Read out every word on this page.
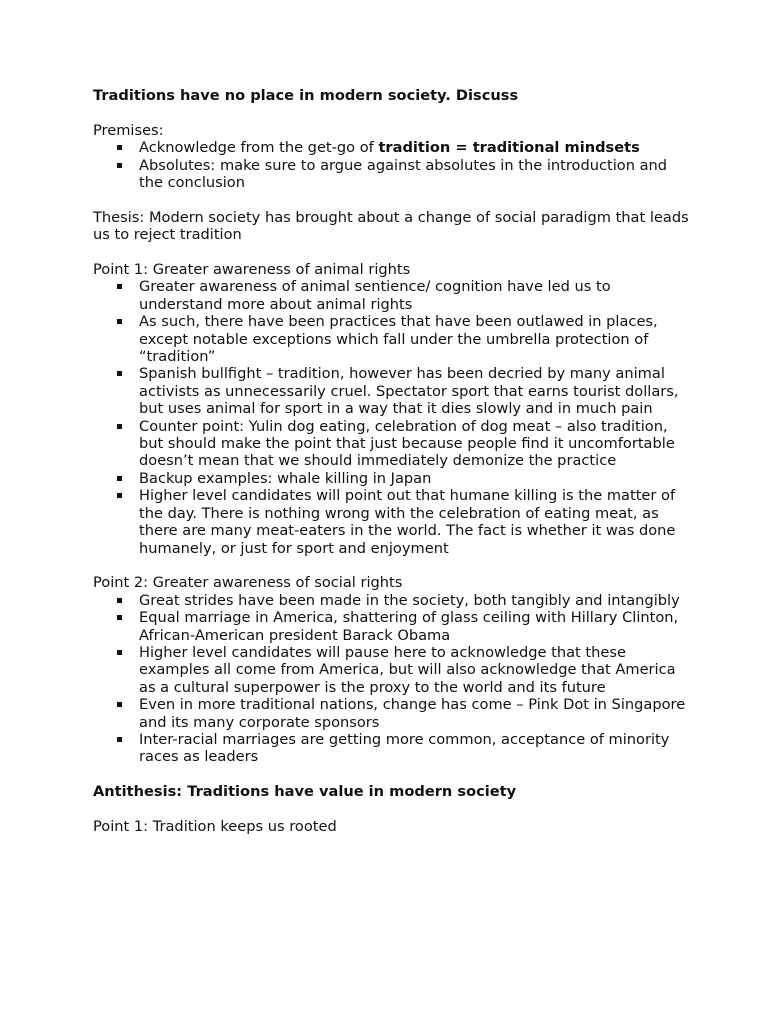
Traditions have no place in modern society. Discuss

Premises:

Acknowledge from the get-go of tradition = traditional mindsets
Absolutes: make sure to argue against absolutes in the introduction and the conclusion

Thesis: Modern society has brought about a change of social paradigm that leads us to reject tradition

Point 1: Greater awareness of animal rights

Greater awareness of animal sentience/ cognition have led us to understand more about animal rights
As such, there have been practices that have been outlawed in places, except notable exceptions which fall under the umbrella protection of “tradition”
Spanish bullfight – tradition, however has been decried by many animal activists as unnecessarily cruel. Spectator sport that earns tourist dollars, but uses animal for sport in a way that it dies slowly and in much pain
Counter point: Yulin dog eating, celebration of dog meat – also tradition, but should make the point that just because people find it uncomfortable doesn’t mean that we should immediately demonize the practice
Backup examples: whale killing in Japan
Higher level candidates will point out that humane killing is the matter of the day. There is nothing wrong with the celebration of eating meat, as there are many meat-eaters in the world. The fact is whether it was done humanely, or just for sport and enjoyment

Point 2: Greater awareness of social rights

Great strides have been made in the society, both tangibly and intangibly
Equal marriage in America, shattering of glass ceiling with Hillary Clinton, African-American president Barack Obama
Higher level candidates will pause here to acknowledge that these examples all come from America, but will also acknowledge that America as a cultural superpower is the proxy to the world and its future
Even in more traditional nations, change has come – Pink Dot in Singapore and its many corporate sponsors
Inter-racial marriages are getting more common, acceptance of minority races as leaders

Antithesis: Traditions have value in modern society

Point 1: Tradition keeps us rooted
